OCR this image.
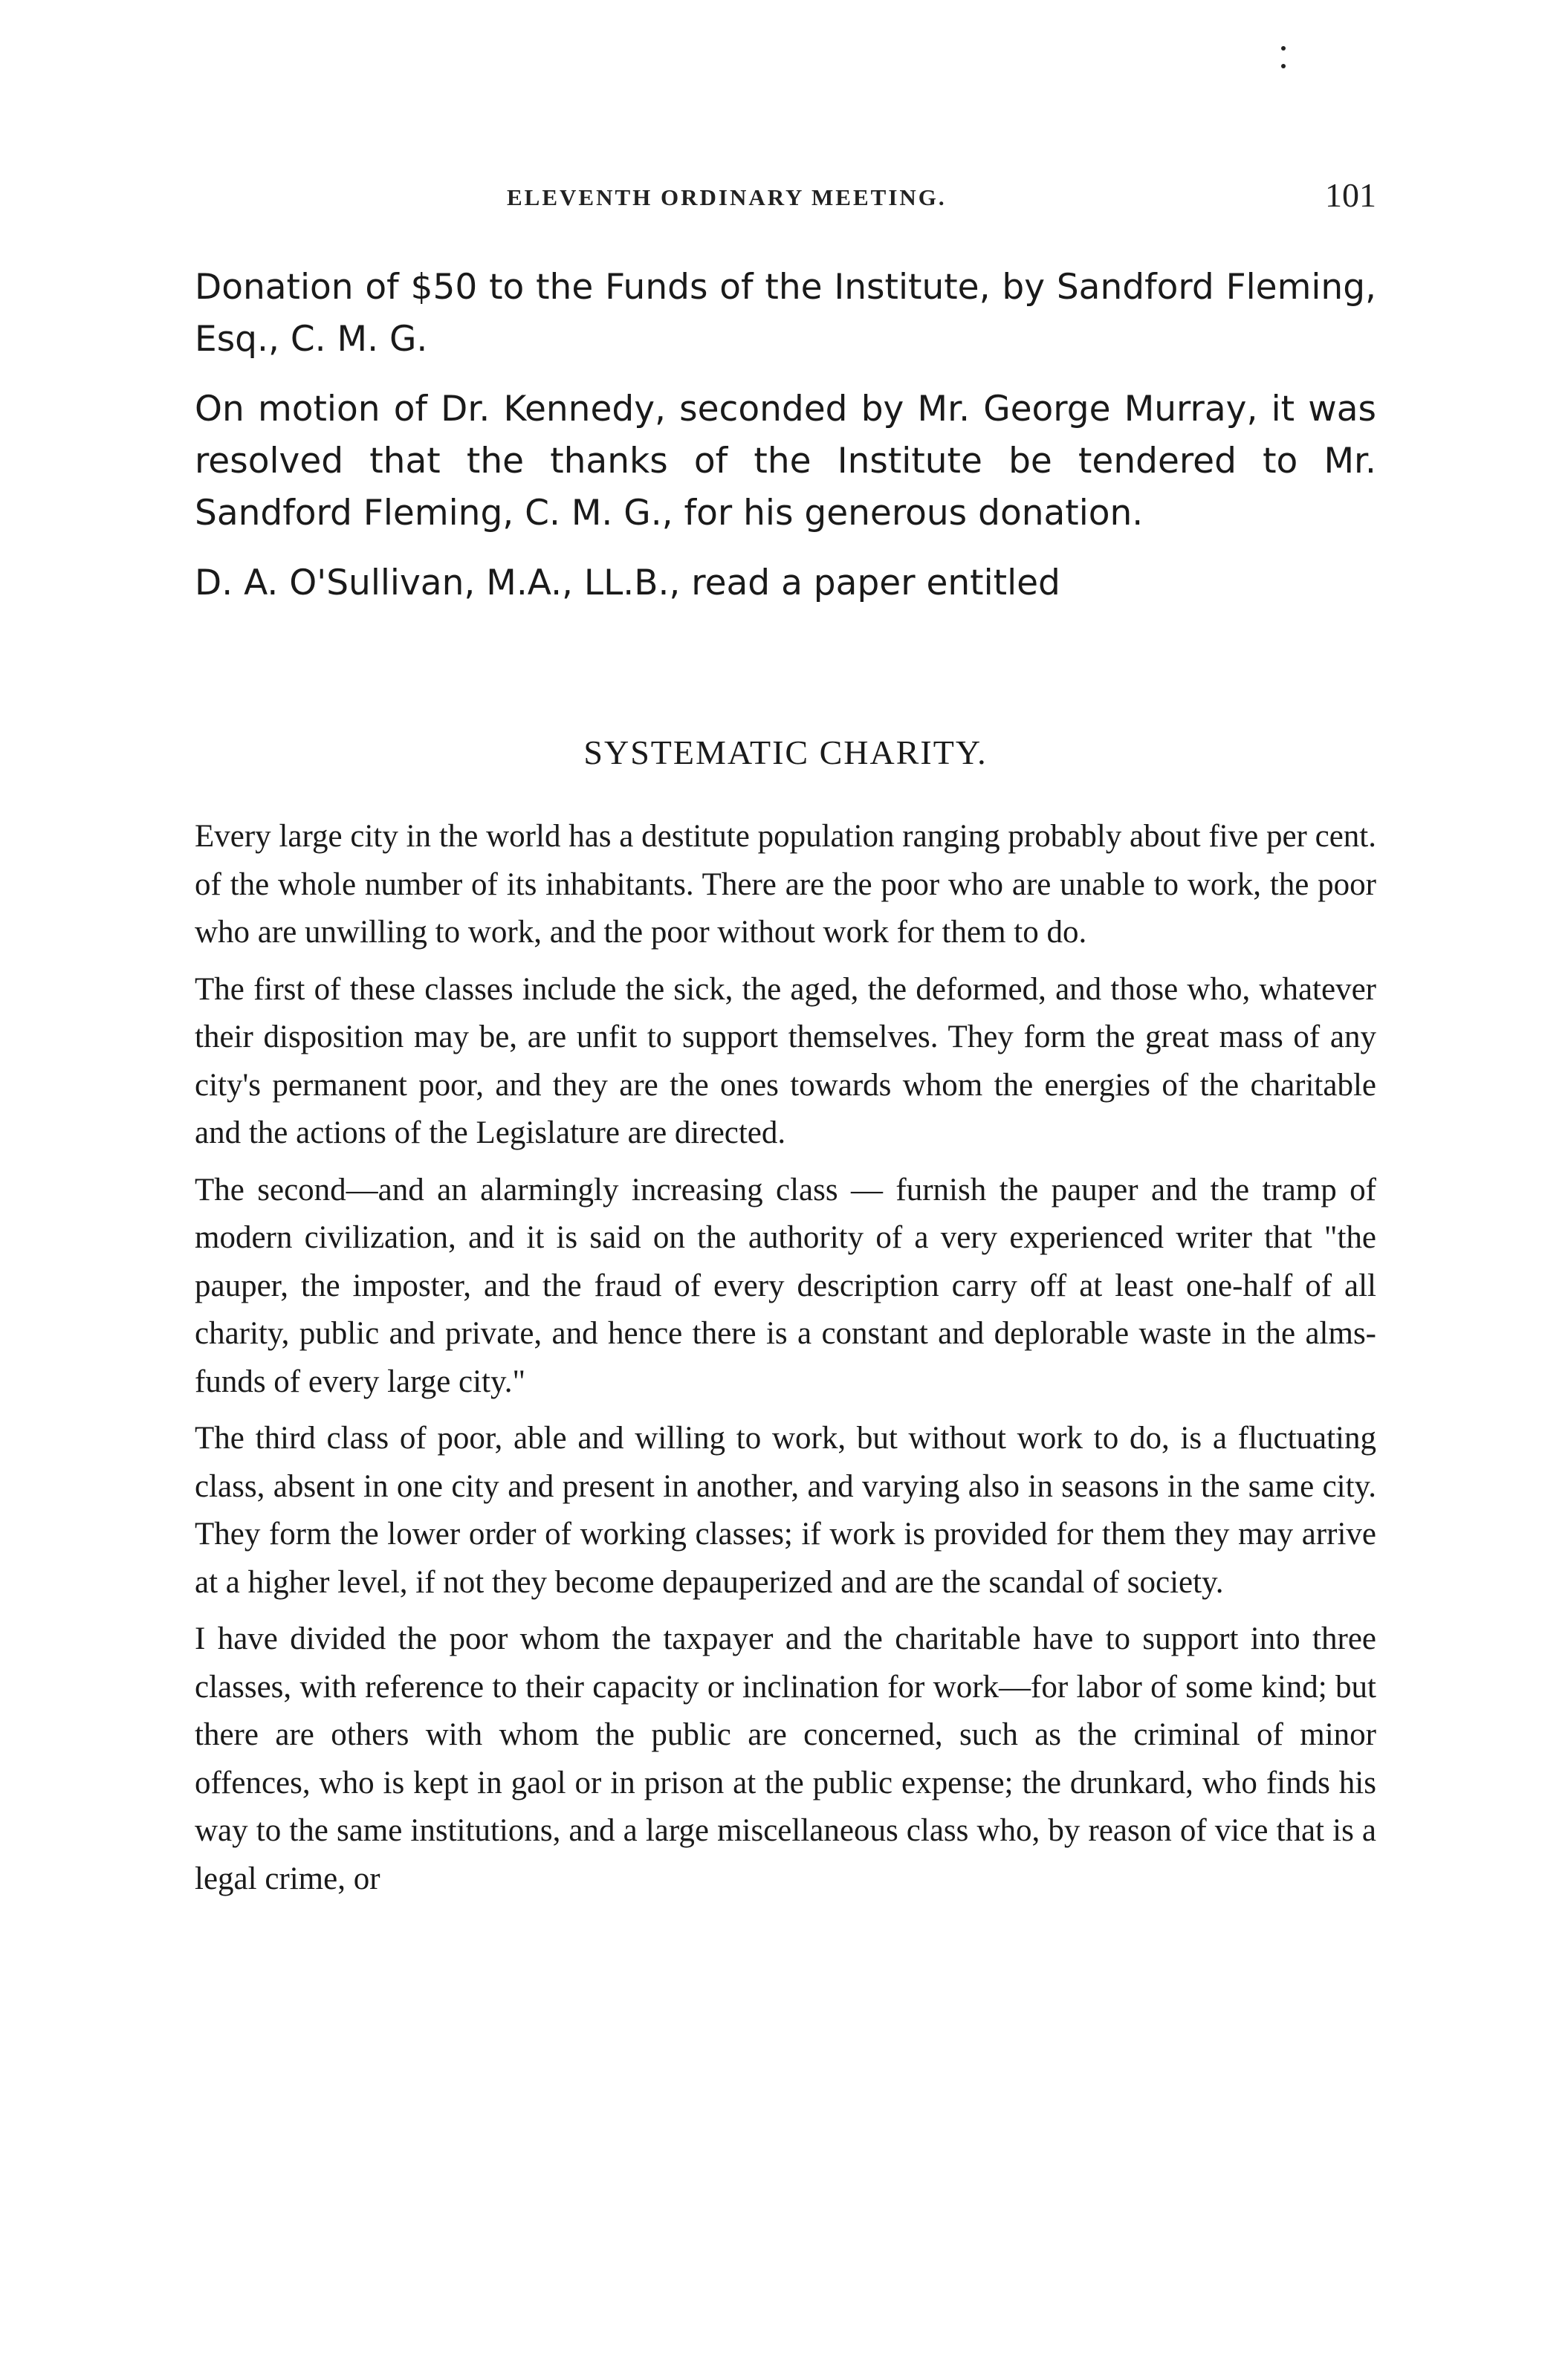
ELEVENTH ORDINARY MEETING.	101

Donation of $50 to the Funds of the Institute, by Sandford Fleming, Esq., C. M. G.

On motion of Dr. Kennedy, seconded by Mr. George Murray, it was resolved that the thanks of the Institute be tendered to Mr. Sandford Fleming, C. M. G., for his generous donation.

D. A. O'Sullivan, M.A., LL.B., read a paper entitled

SYSTEMATIC CHARITY.

Every large city in the world has a destitute population ranging probably about five per cent. of the whole number of its inhabitants. There are the poor who are unable to work, the poor who are unwilling to work, and the poor without work for them to do.

The first of these classes include the sick, the aged, the deformed, and those who, whatever their disposition may be, are unfit to support themselves. They form the great mass of any city's permanent poor, and they are the ones towards whom the energies of the charitable and the actions of the Legislature are directed.

The second—and an alarmingly increasing class — furnish the pauper and the tramp of modern civilization, and it is said on the authority of a very experienced writer that "the pauper, the imposter, and the fraud of every description carry off at least one-half of all charity, public and private, and hence there is a constant and deplorable waste in the alms-funds of every large city."

The third class of poor, able and willing to work, but without work to do, is a fluctuating class, absent in one city and present in another, and varying also in seasons in the same city. They form the lower order of working classes; if work is provided for them they may arrive at a higher level, if not they become depauperized and are the scandal of society.

I have divided the poor whom the taxpayer and the charitable have to support into three classes, with reference to their capacity or inclination for work—for labor of some kind; but there are others with whom the public are concerned, such as the criminal of minor offences, who is kept in gaol or in prison at the public expense; the drunkard, who finds his way to the same institutions, and a large miscellaneous class who, by reason of vice that is a legal crime, or
